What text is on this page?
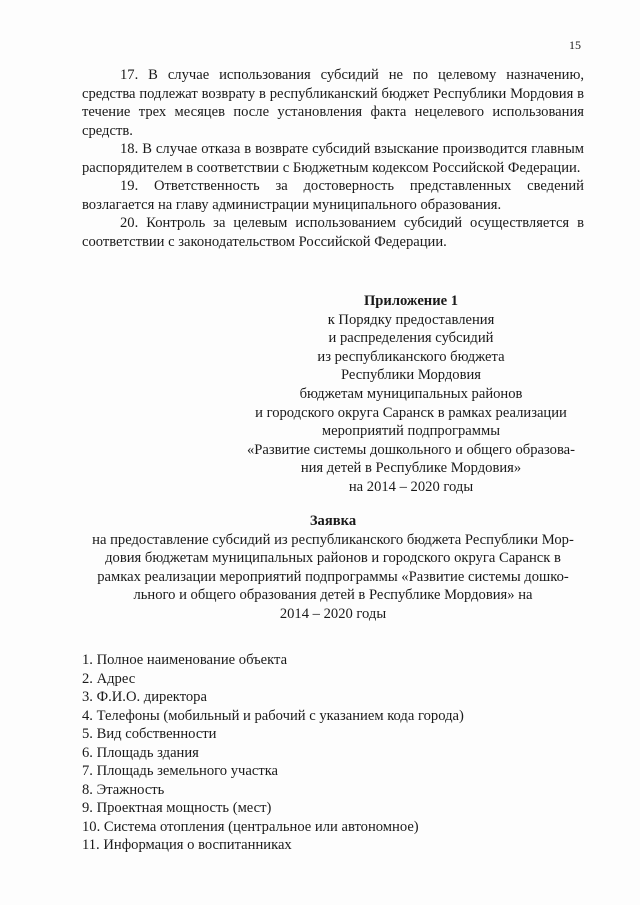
15

17. В случае использования субсидий не по целевому назначению, средства подлежат возврату в республиканский бюджет Республики Мордовия в течение трех месяцев после установления факта нецелевого использования средств.

18. В случае отказа в возврате субсидий взыскание производится главным распорядителем в соответствии с Бюджетным кодексом Российской Федерации.

19. Ответственность за достоверность представленных сведений возлагается на главу администрации муниципального образования.

20. Контроль за целевым использованием субсидий осуществляется в соответствии с законодательством Российской Федерации.

Приложение 1
к Порядку предоставления
и распределения субсидий
из республиканского бюджета
Республики Мордовия
бюджетам муниципальных районов
и городского округа Саранск в рамках реализации
мероприятий подпрограммы
«Развитие системы дошкольного и общего образова-
ния детей в Республике Мордовия»
на 2014 – 2020 годы
Заявка
на предоставление субсидий из республиканского бюджета Республики Мор-
довия бюджетам муниципальных районов и городского округа Саранск в
рамках реализации мероприятий подпрограммы «Развитие системы дошко-
льного и общего образования детей в Республике Мордовия» на
2014 – 2020 годы
1. Полное наименование объекта
2. Адрес
3. Ф.И.О. директора
4. Телефоны (мобильный и рабочий с указанием кода города)
5. Вид собственности
6. Площадь здания
7. Площадь земельного участка
8. Этажность
9. Проектная мощность (мест)
10. Система отопления (центральное или автономное)
11. Информация о воспитанниках
